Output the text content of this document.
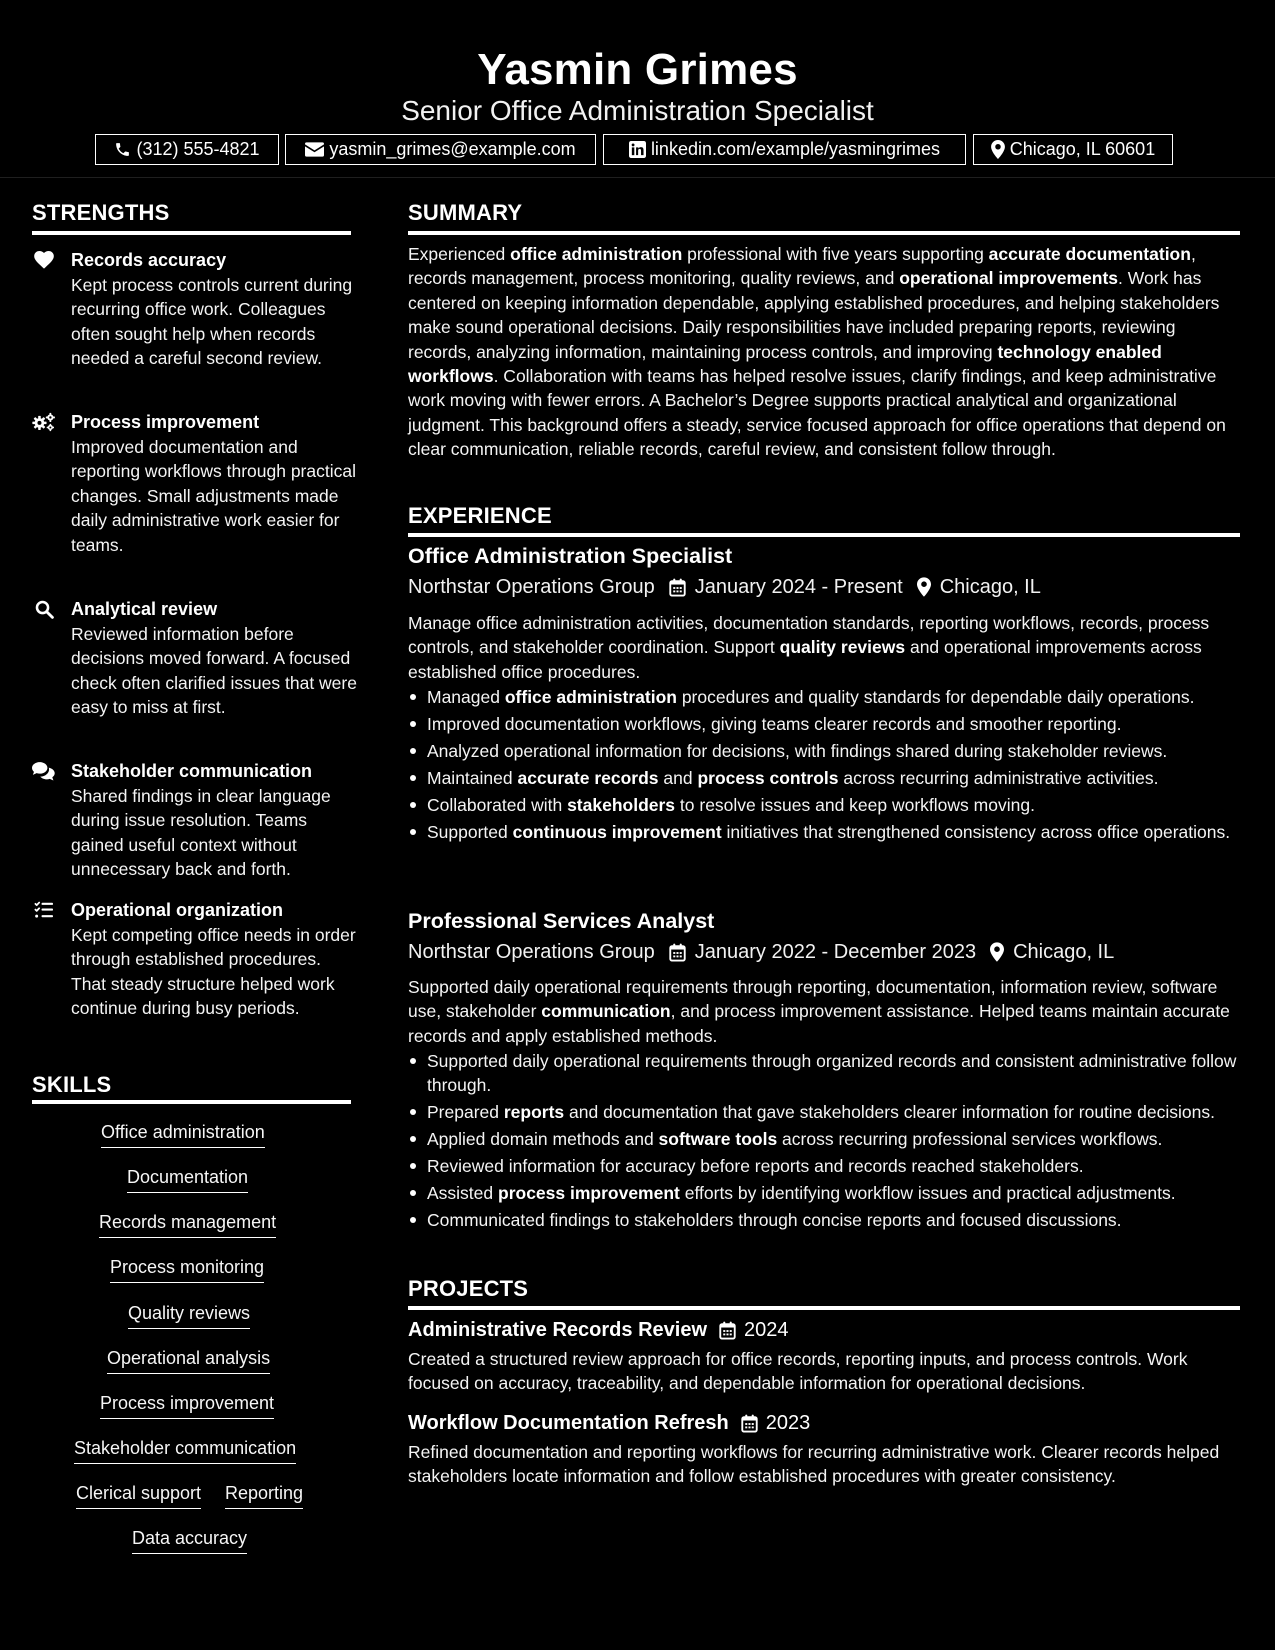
Yasmin Grimes
Senior Office Administration Specialist
(312) 555-4821	yasmin_grimes@example.com	linkedin.com/example/yasmingrimes	Chicago, IL 60601
STRENGTHS
Records accuracy
Kept process controls current during recurring office work. Colleagues often sought help when records needed a careful second review.
Process improvement
Improved documentation and reporting workflows through practical changes. Small adjustments made daily administrative work easier for teams.
Analytical review
Reviewed information before decisions moved forward. A focused check often clarified issues that were easy to miss at first.
Stakeholder communication
Shared findings in clear language during issue resolution. Teams gained useful context without unnecessary back and forth.
Operational organization
Kept competing office needs in order through established procedures. That steady structure helped work continue during busy periods.
SKILLS
Office administration
Documentation
Records management
Process monitoring
Quality reviews
Operational analysis
Process improvement
Stakeholder communication
Clerical support Reporting
Data accuracy
SUMMARY
Experienced office administration professional with five years supporting accurate documentation, records management, process monitoring, quality reviews, and operational improvements. Work has centered on keeping information dependable, applying established procedures, and helping stakeholders make sound operational decisions. Daily responsibilities have included preparing reports, reviewing records, analyzing information, maintaining process controls, and improving technology enabled workflows. Collaboration with teams has helped resolve issues, clarify findings, and keep administrative work moving with fewer errors. A Bachelor’s Degree supports practical analytical and organizational judgment. This background offers a steady, service focused approach for office operations that depend on clear communication, reliable records, careful review, and consistent follow through.
EXPERIENCE
Office Administration Specialist
Northstar Operations Group January 2024 - Present Chicago, IL
Manage office administration activities, documentation standards, reporting workflows, records, process controls, and stakeholder coordination. Support quality reviews and operational improvements across established office procedures.
Managed office administration procedures and quality standards for dependable daily operations.
Improved documentation workflows, giving teams clearer records and smoother reporting.
Analyzed operational information for decisions, with findings shared during stakeholder reviews.
Maintained accurate records and process controls across recurring administrative activities.
Collaborated with stakeholders to resolve issues and keep workflows moving.
Supported continuous improvement initiatives that strengthened consistency across office operations.
Professional Services Analyst
Northstar Operations Group January 2022 - December 2023 Chicago, IL
Supported daily operational requirements through reporting, documentation, information review, software use, stakeholder communication, and process improvement assistance. Helped teams maintain accurate records and apply established methods.
Supported daily operational requirements through organized records and consistent administrative follow through.
Prepared reports and documentation that gave stakeholders clearer information for routine decisions.
Applied domain methods and software tools across recurring professional services workflows.
Reviewed information for accuracy before reports and records reached stakeholders.
Assisted process improvement efforts by identifying workflow issues and practical adjustments.
Communicated findings to stakeholders through concise reports and focused discussions.
PROJECTS
Administrative Records Review 2024
Created a structured review approach for office records, reporting inputs, and process controls. Work focused on accuracy, traceability, and dependable information for operational decisions.
Workflow Documentation Refresh 2023
Refined documentation and reporting workflows for recurring administrative work. Clearer records helped stakeholders locate information and follow established procedures with greater consistency.
